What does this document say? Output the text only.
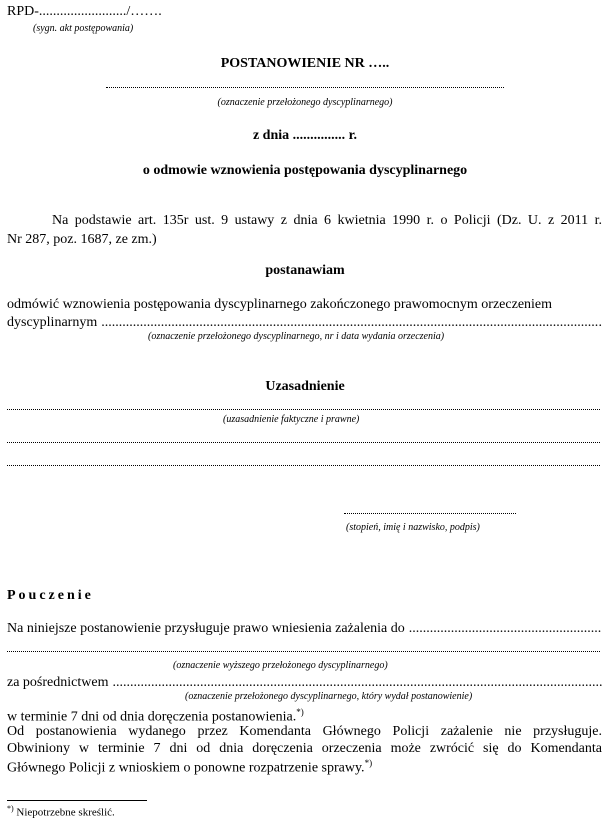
RPD-........................./…….
(sygn. akt postępowania)
POSTANOWIENIE NR …..
(oznaczenie przełożonego dyscyplinarnego)
z dnia ............... r.
o odmowie wznowienia postępowania dyscyplinarnego
Na podstawie art. 135r ust. 9 ustawy z dnia 6 kwietnia 1990 r. o Policji (Dz. U. z 2011 r.
Nr 287, poz. 1687, ze zm.)
postanawiam
odmówić wznowienia postępowania dyscyplinarnego zakończonego prawomocnym orzeczeniem
dyscyplinarnym
.....	.
(oznaczenie przełożonego dyscyplinarnego, nr i data wydania orzeczenia)
Uzasadnienie
(uzasadnienie faktyczne i prawne)
(stopień, imię i nazwisko, podpis)
Pouczenie
Na niniejsze postanowienie przysługuje prawo wniesienia zażalenia do
.....
(oznaczenie wyższego przełożonego dyscyplinarnego)
za pośrednictwem
.....
(oznaczenie przełożonego dyscyplinarnego, który wydał postanowienie)
w terminie 7 dni od dnia doręczenia postanowienia.*)
Od postanowienia wydanego przez Komendanta Głównego Policji zażalenie nie przysługuje.
Obwiniony w terminie 7 dni od dnia doręczenia orzeczenia może zwrócić się do Komendanta
Głównego Policji z wnioskiem o ponowne rozpatrzenie sprawy.*)
*) Niepotrzebne skreślić.
